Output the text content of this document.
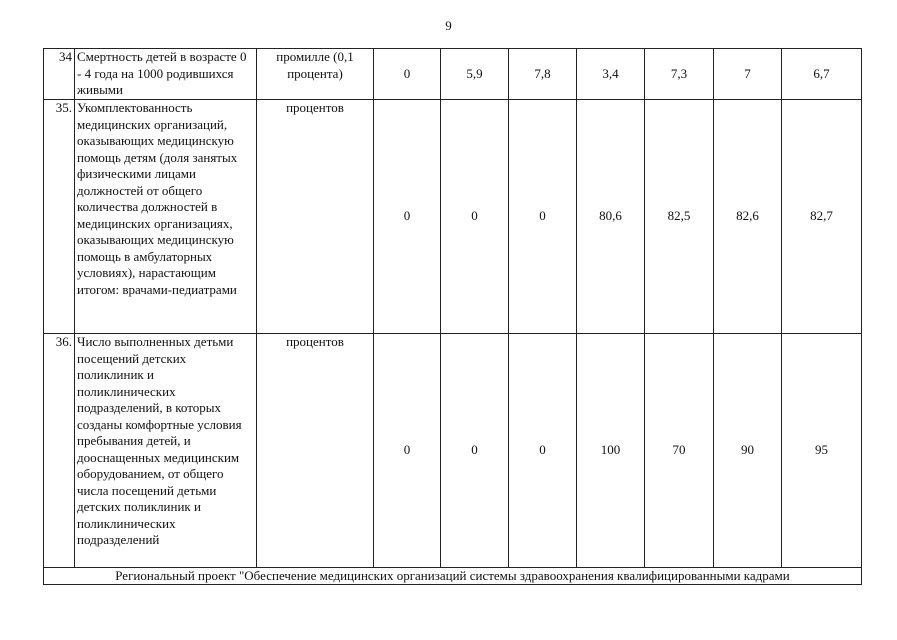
9
34	Смертность детей в возрасте 0 - 4 года на 1000 родившихся живыми	промилле (0,1 процента)	0	5,9	7,8	3,4	7,3	7	6,7
35.	Укомплектованность медицинских организаций, оказывающих медицинскую помощь детям (доля занятых физическими лицами должностей от общего количества должностей в медицинских организациях, оказывающих медицинскую помощь в амбулаторных условиях), нарастающим итогом: врачами-педиатрами	процентов	0	0	0	80,6	82,5	82,6	82,7
36.	Число выполненных детьми посещений детских поликлиник и поликлинических подразделений, в которых созданы комфортные условия пребывания детей, и дооснащенных медицинским оборудованием, от общего числа посещений детьми детских поликлиник и поликлинических подразделений	процентов	0	0	0	100	70	90	95
Региональный проект "Обеспечение медицинских организаций системы здравоохранения квалифицированными кадрами									
